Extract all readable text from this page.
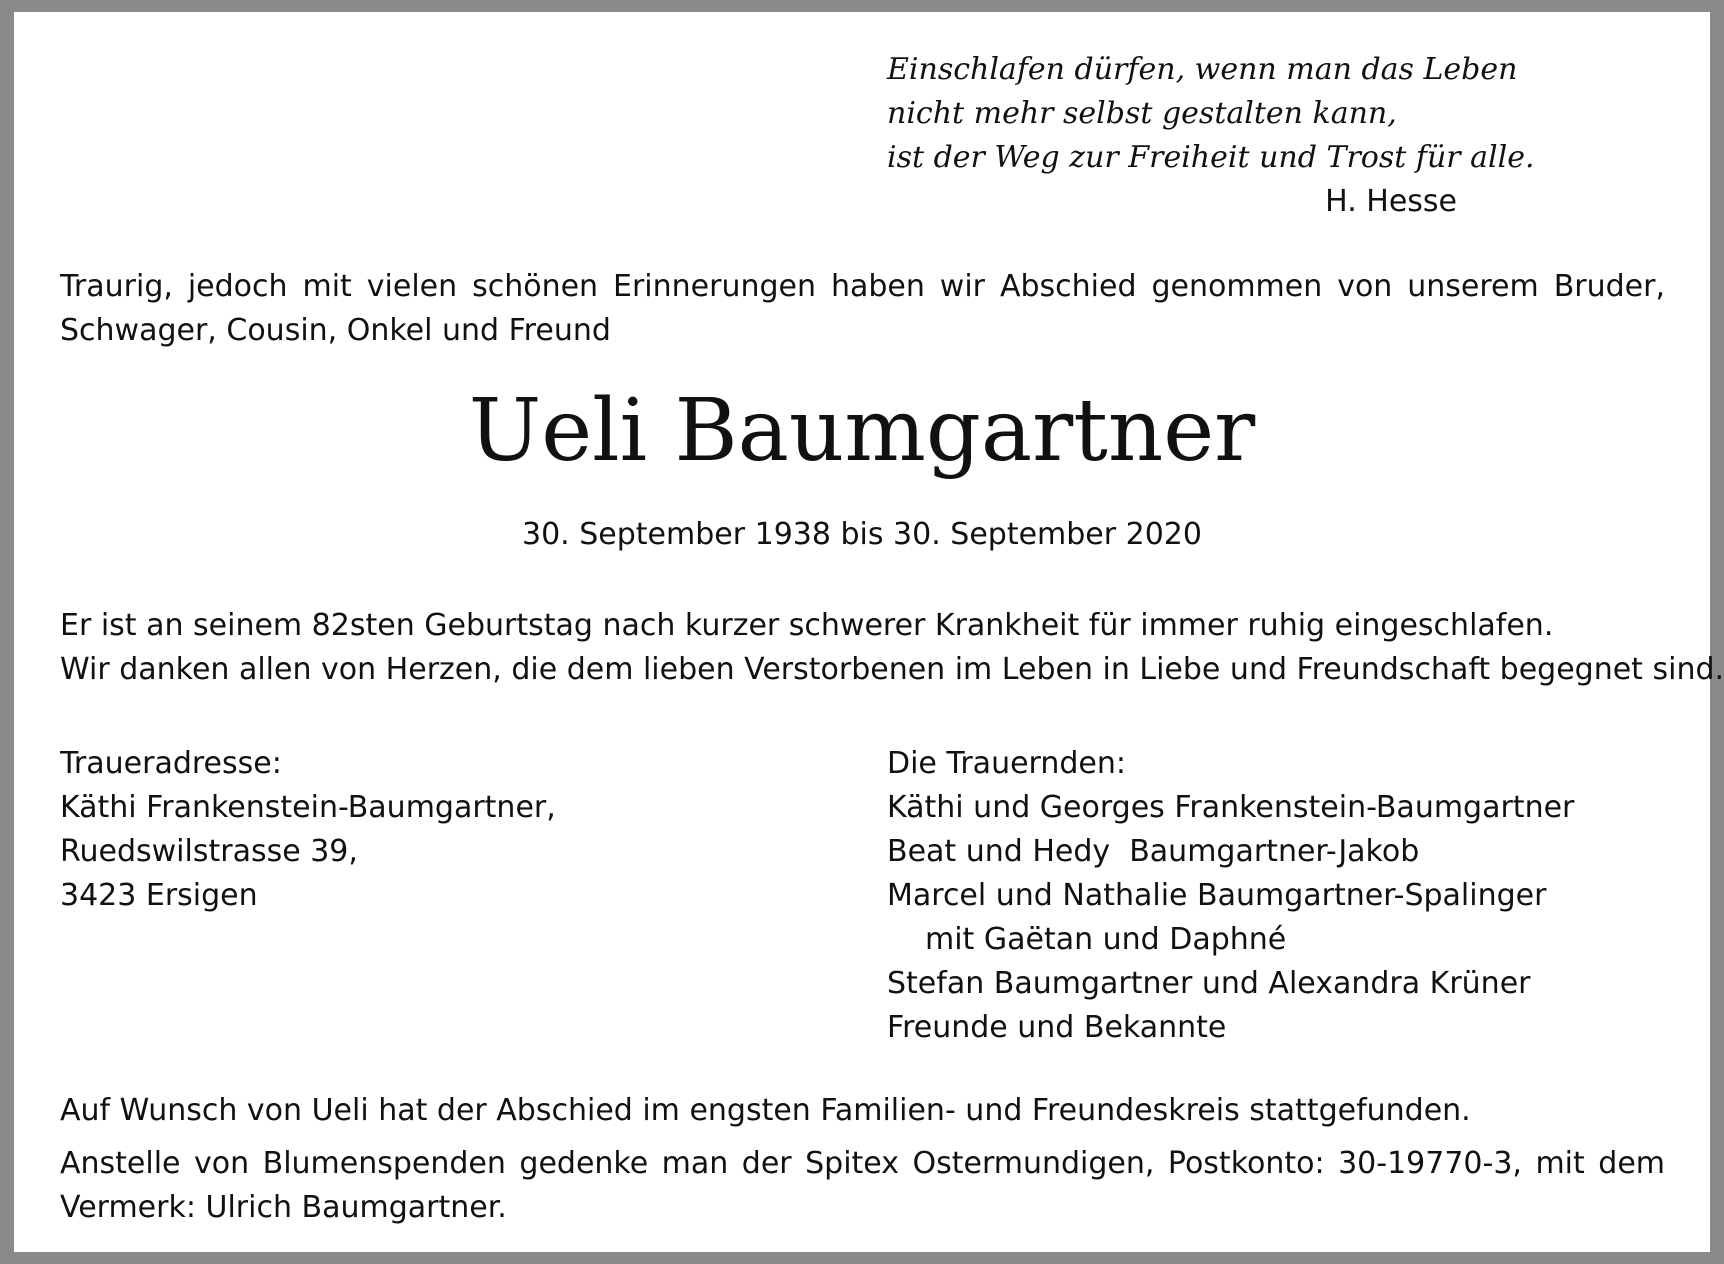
Einschlafen dürfen, wenn man das Leben
nicht mehr selbst gestalten kann,
ist der Weg zur Freiheit und Trost für alle.
H. Hesse
Traurig, jedoch mit vielen schönen Erinnerungen haben wir Abschied genommen von unserem Bruder, Schwager, Cousin, Onkel und Freund
Ueli Baumgartner
30. September 1938 bis 30. September 2020
Er ist an seinem 82sten Geburtstag nach kurzer schwerer Krankheit für immer ruhig eingeschlafen.
Wir danken allen von Herzen, die dem lieben Verstorbenen im Leben in Liebe und Freundschaft begegnet sind.
Traueradresse:
Käthi Frankenstein-Baumgartner,
Ruedswilstrasse 39,
3423 Ersigen
Die Trauernden:
Käthi und Georges Frankenstein-Baumgartner
Beat und Hedy  Baumgartner-Jakob
Marcel und Nathalie Baumgartner-Spalinger
mit Gaëtan und Daphné
Stefan Baumgartner und Alexandra Krüner
Freunde und Bekannte
Auf Wunsch von Ueli hat der Abschied im engsten Familien- und Freundeskreis stattgefunden.
Anstelle von Blumenspenden gedenke man der Spitex Ostermundigen, Postkonto: 30-19770-3, mit dem Vermerk: Ulrich Baumgartner.
